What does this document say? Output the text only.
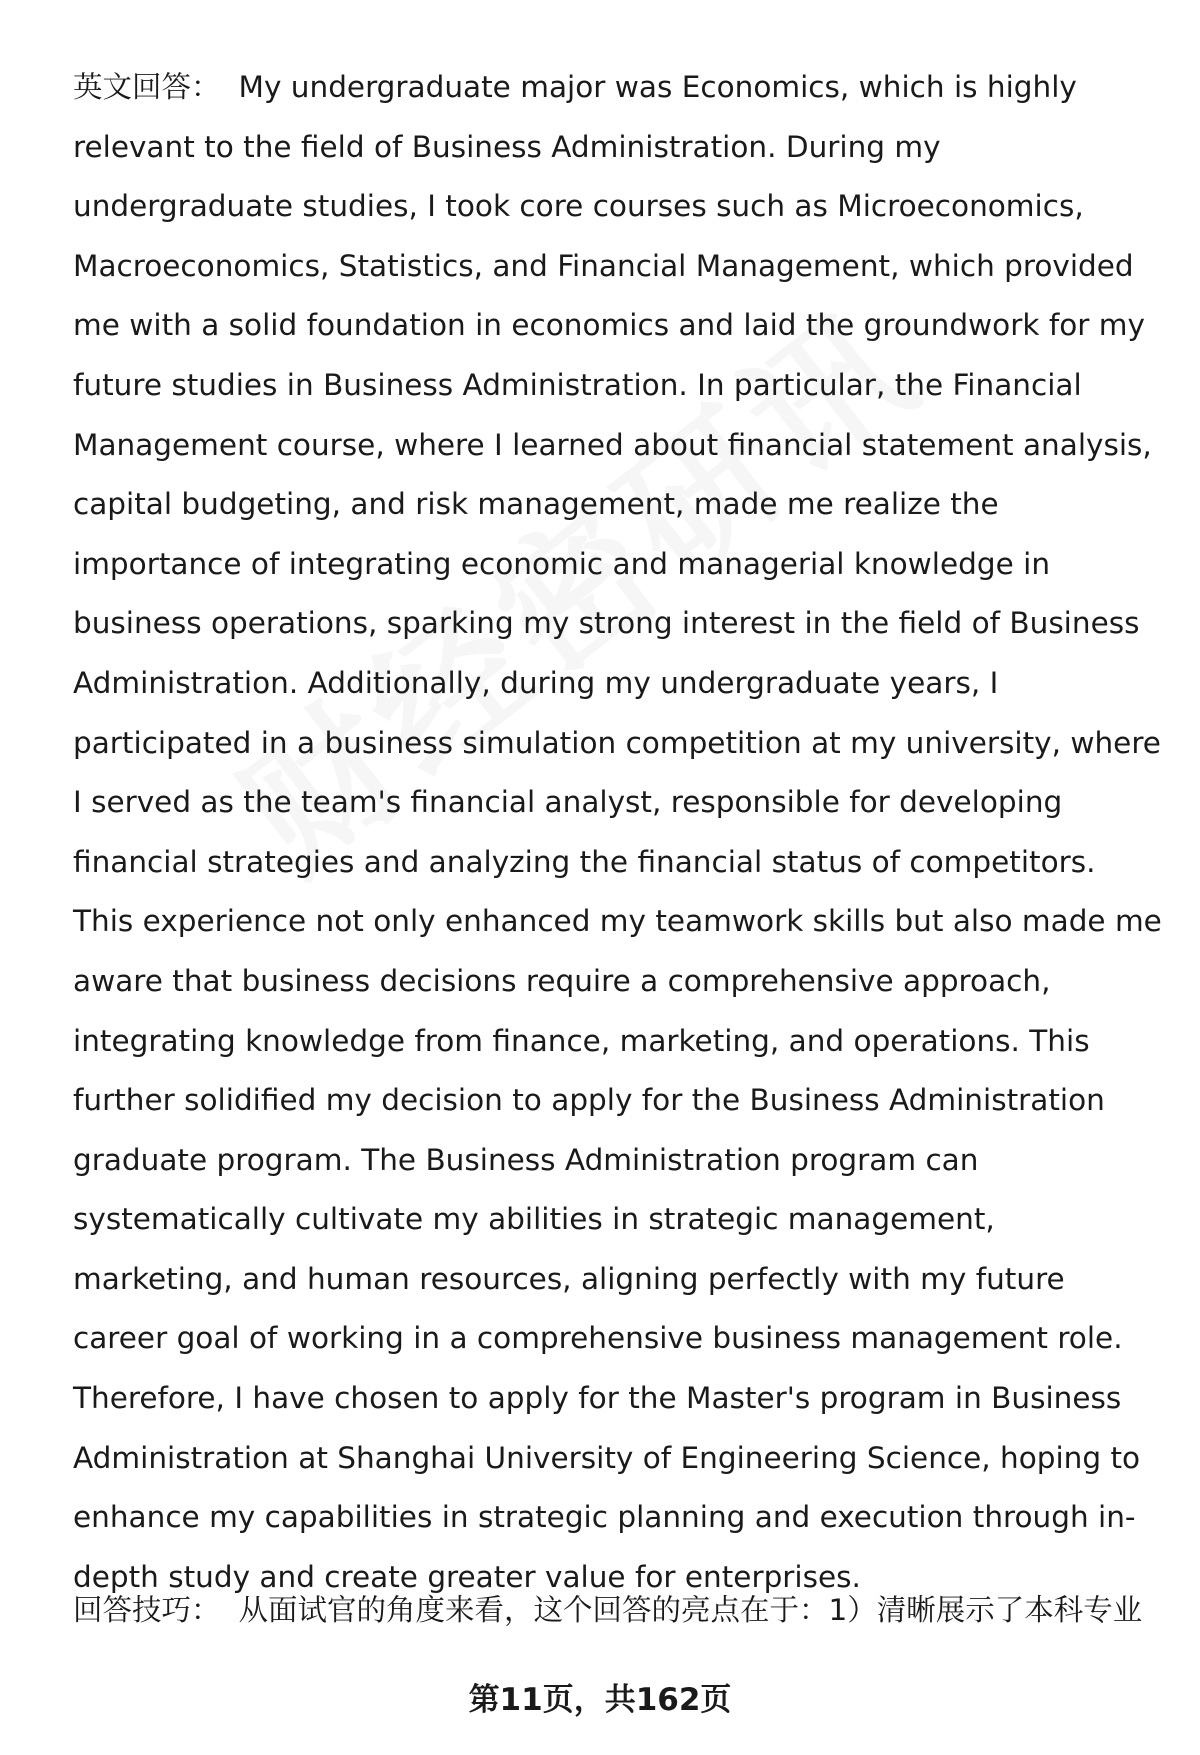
英文回答： My undergraduate major was Economics, which is highly relevant to the field of Business Administration. During my undergraduate studies, I took core courses such as Microeconomics, Macroeconomics, Statistics, and Financial Management, which provided me with a solid foundation in economics and laid the groundwork for my future studies in Business Administration. In particular, the Financial Management course, where I learned about financial statement analysis, capital budgeting, and risk management, made me realize the importance of integrating economic and managerial knowledge in business operations, sparking my strong interest in the field of Business Administration. Additionally, during my undergraduate years, I participated in a business simulation competition at my university, where I served as the team's financial analyst, responsible for developing financial strategies and analyzing the financial status of competitors. This experience not only enhanced my teamwork skills but also made me aware that business decisions require a comprehensive approach, integrating knowledge from finance, marketing, and operations. This further solidified my decision to apply for the Business Administration graduate program. The Business Administration program can systematically cultivate my abilities in strategic management, marketing, and human resources, aligning perfectly with my future career goal of working in a comprehensive business management role. Therefore, I have chosen to apply for the Master's program in Business Administration at Shanghai University of Engineering Science, hoping to enhance my capabilities in strategic planning and execution through in-depth study and create greater value for enterprises.

回答技巧： 从面试官的角度来看，这个回答的亮点在于：1）清晰展示了本科专业

第11页，共162页
